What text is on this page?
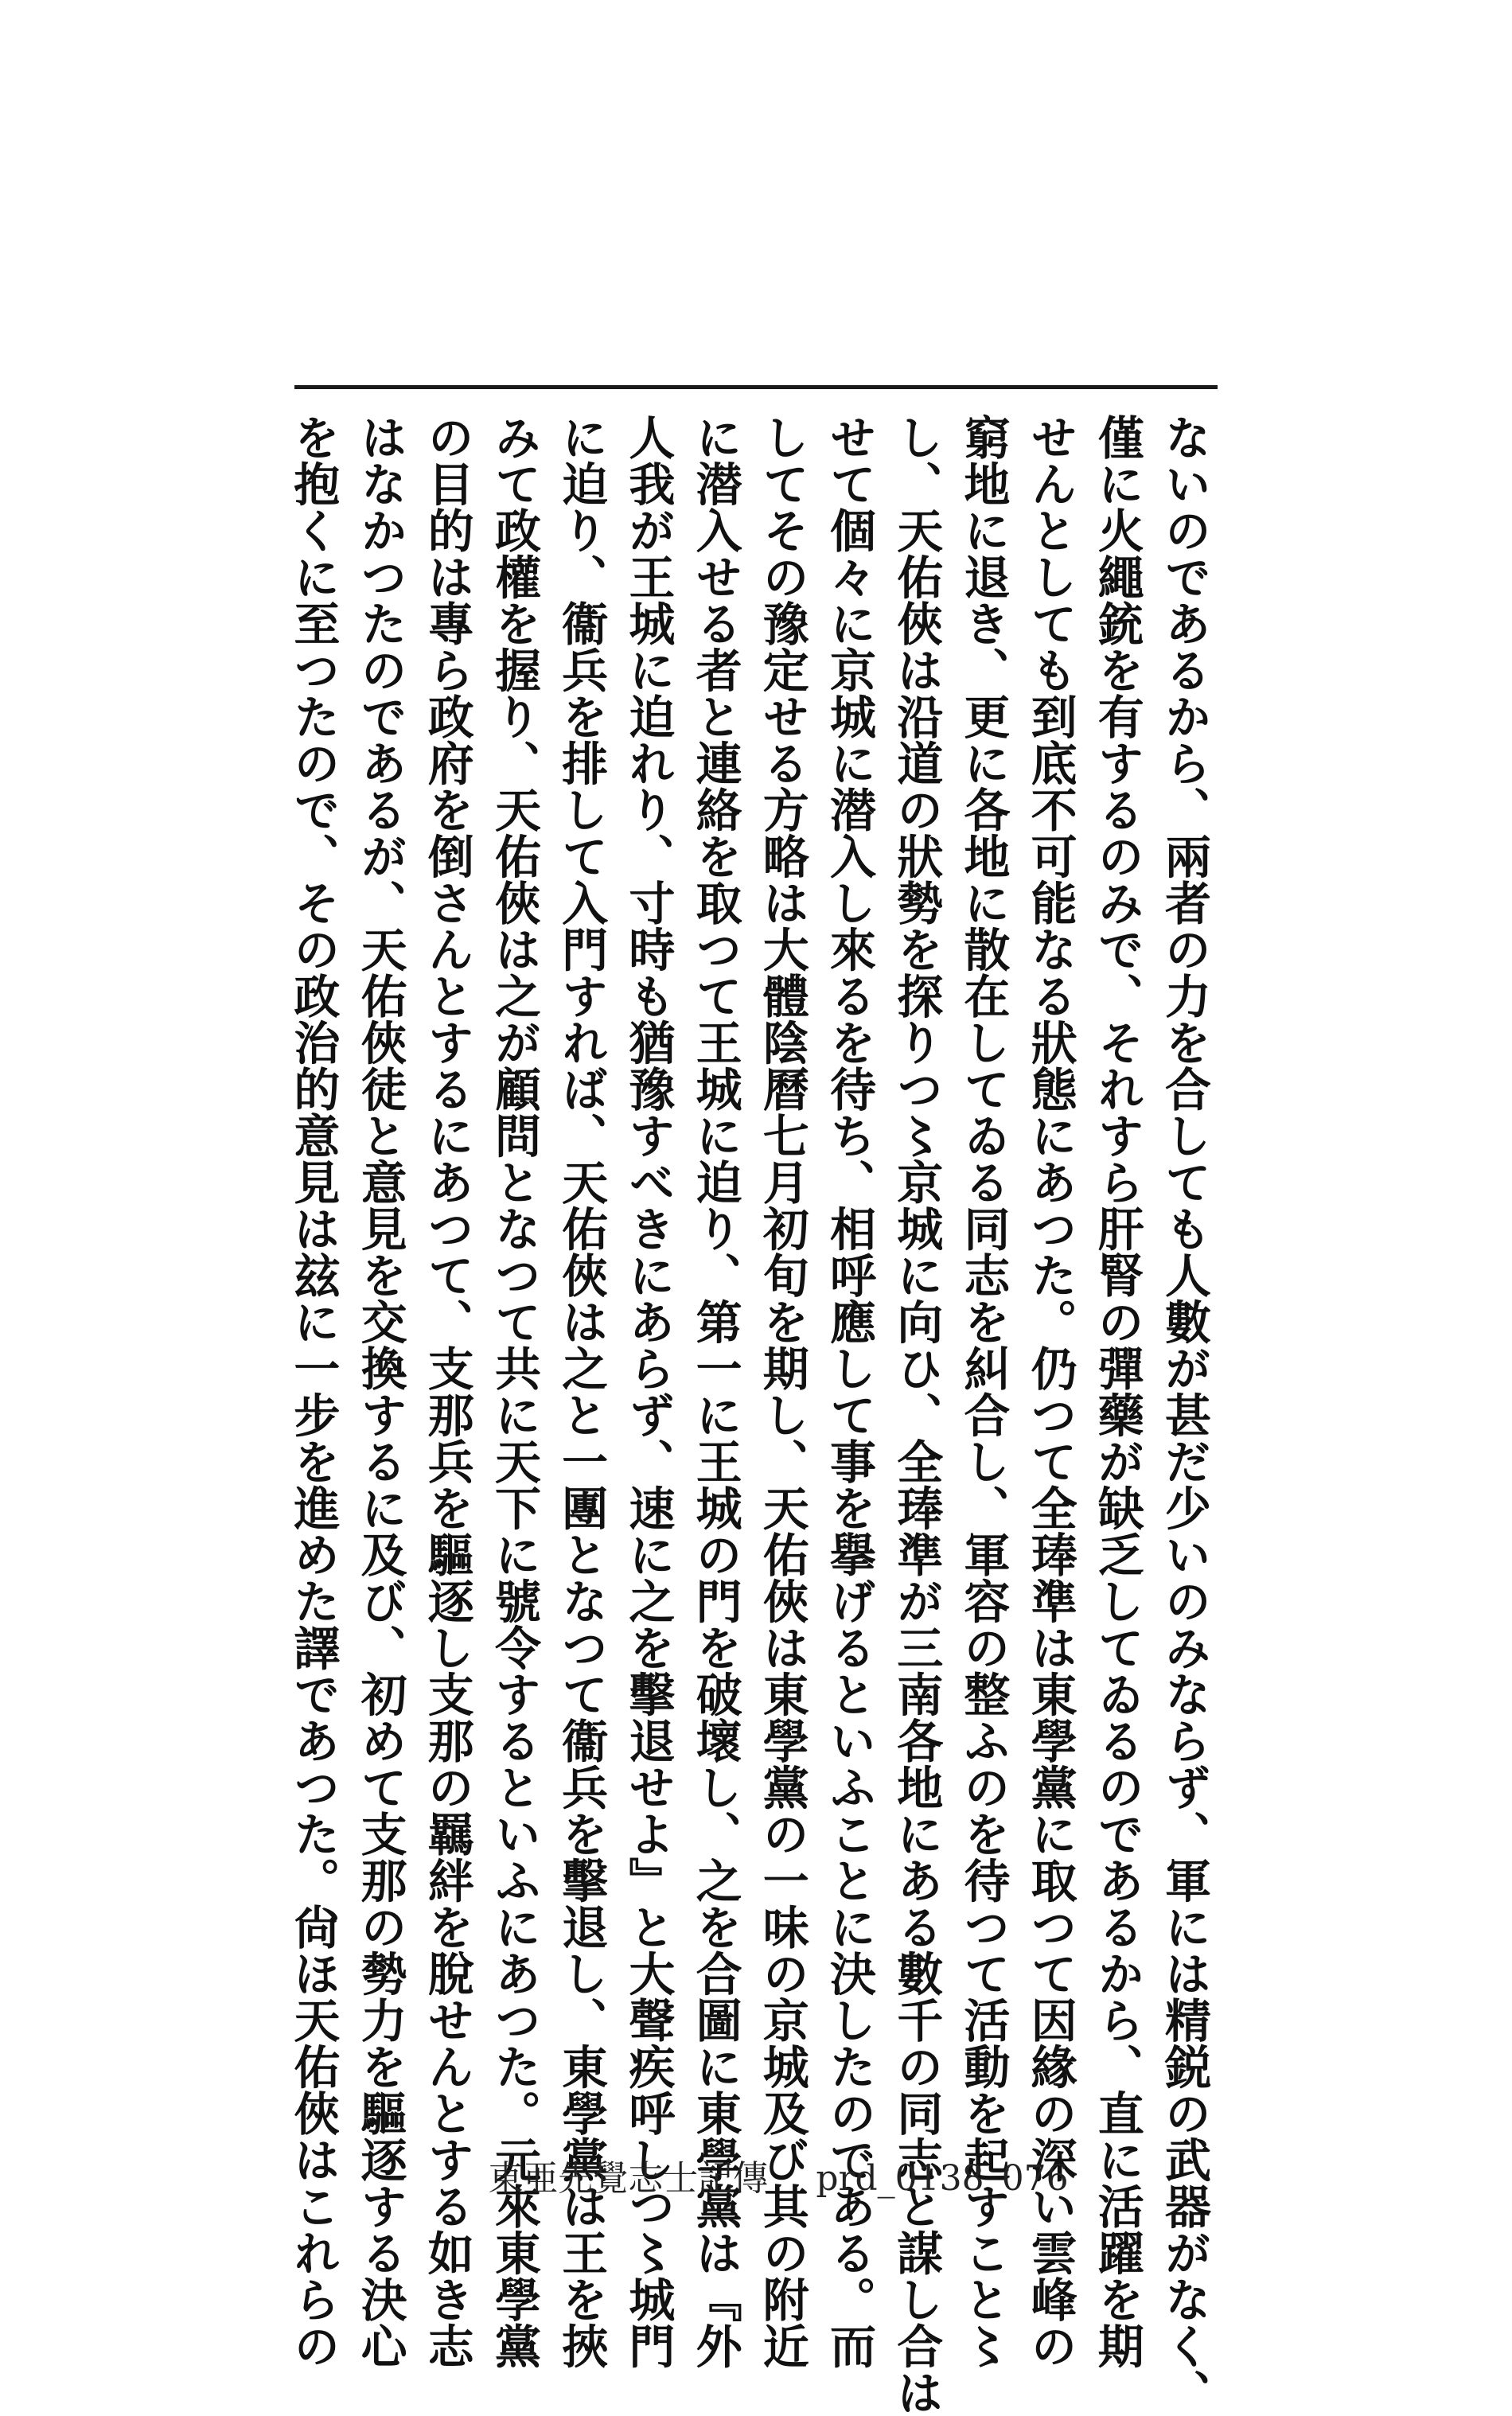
ないのであるから、兩者の力を合しても人數が甚だ少いのみならず、軍には精鋭の武器がなく、
僅に火繩銃を有するのみで、それすら肝腎の彈藥が缺乏してゐるのであるから、直に活躍を期
せんとしても到底不可能なる狀態にあつた。仍つて全琫準は東學黨に取つて因緣の深い雲峰の
窮地に退き、更に各地に散在してゐる同志を糾合し、軍容の整ふのを待つて活動を起すこと〻
し、天佑俠は沿道の狀勢を探りつ〻京城に向ひ、全琫準が三南各地にある數千の同志と謀し合は
せて個々に京城に潜入し來るを待ち、相呼應して事を擧げるといふことに決したのである。而
してその豫定せる方略は大體陰曆七月初旬を期し、天佑俠は東學黨の一味の京城及び其の附近
に潜入せる者と連絡を取つて王城に迫り、第一に王城の門を破壞し、之を合圖に東學黨は『外
人我が王城に迫れり、寸時も猶豫すべきにあらず、速に之を擊退せよ』と大聲疾呼しつ〻城門
に迫り、衞兵を排して入門すれば、天佑俠は之と一團となつて衞兵を擊退し、東學黨は王を挾
みて政權を握り、天佑俠は之が顧問となつて共に天下に號令するといふにあつた。元來東學黨
の目的は專ら政府を倒さんとするにあつて、支那兵を驅逐し支那の羈絆を脫せんとする如き志
はなかつたのであるが、天佑俠徒と意見を交換するに及び、初めて支那の勢力を驅逐する決心
を抱くに至つたので、その政治的意見は玆に一步を進めた譯であつた。尙ほ天佑俠はこれらの	東亜先覺志士記傳 prd_0138_076
